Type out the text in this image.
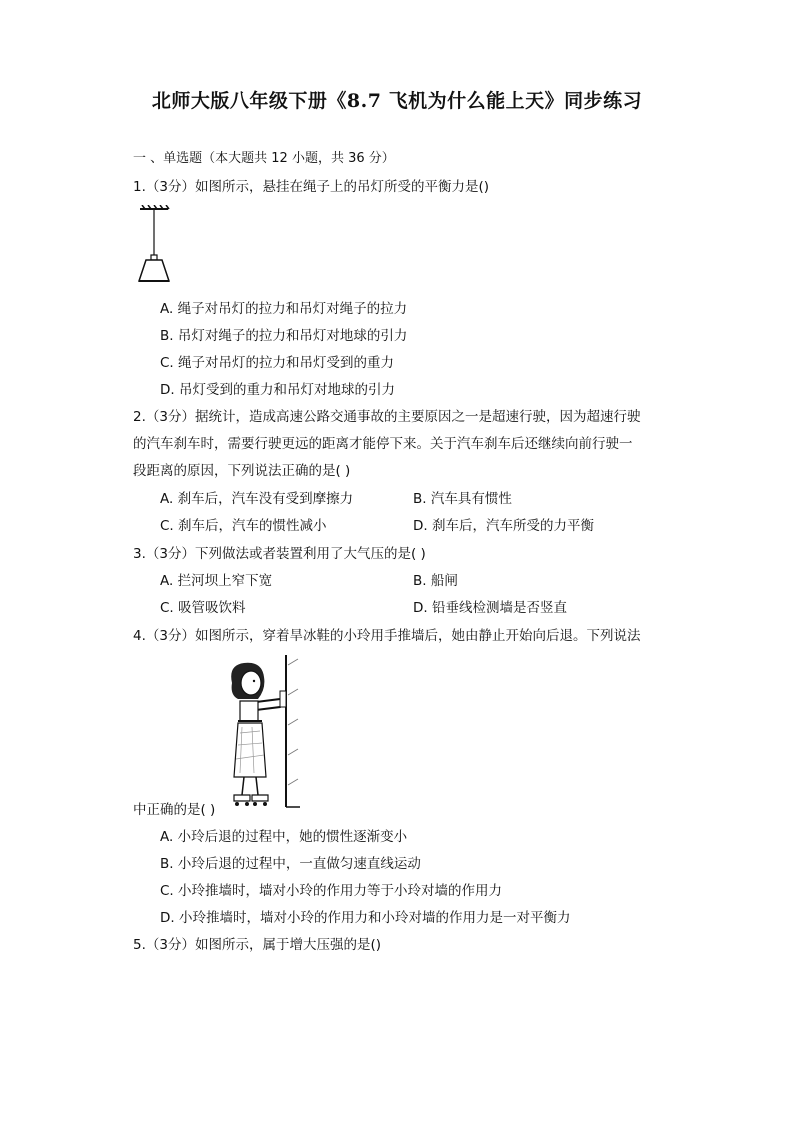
北师大版八年级下册《8.7 飞机为什么能上天》同步练习
一 、单选题（本大题共 12 小题，共 36 分）
1.（3分）如图所示，悬挂在绳子上的吊灯所受的平衡力是()
A. 绳子对吊灯的拉力和吊灯对绳子的拉力
B. 吊灯对绳子的拉力和吊灯对地球的引力
C. 绳子对吊灯的拉力和吊灯受到的重力
D. 吊灯受到的重力和吊灯对地球的引力
2.（3分）据统计，造成高速公路交通事故的主要原因之一是超速行驶，因为超速行驶
的汽车刹车时，需要行驶更远的距离才能停下来。关于汽车刹车后还继续向前行驶一
段距离的原因，下列说法正确的是( )
A. 刹车后，汽车没有受到摩擦力	B. 汽车具有惯性
C. 刹车后，汽车的惯性减小	D. 刹车后，汽车所受的力平衡
3.（3分）下列做法或者装置利用了大气压的是( )
A. 拦河坝上窄下宽	B. 船闸
C. 吸管吸饮料	D. 铅垂线检测墙是否竖直
4.（3分）如图所示，穿着旱冰鞋的小玲用手推墙后，她由静止开始向后退。下列说法
中正确的是( )
A. 小玲后退的过程中，她的惯性逐渐变小
B. 小玲后退的过程中，一直做匀速直线运动
C. 小玲推墙时，墙对小玲的作用力等于小玲对墙的作用力
D. 小玲推墙时，墙对小玲的作用力和小玲对墙的作用力是一对平衡力
5.（3分）如图所示，属于增大压强的是()
